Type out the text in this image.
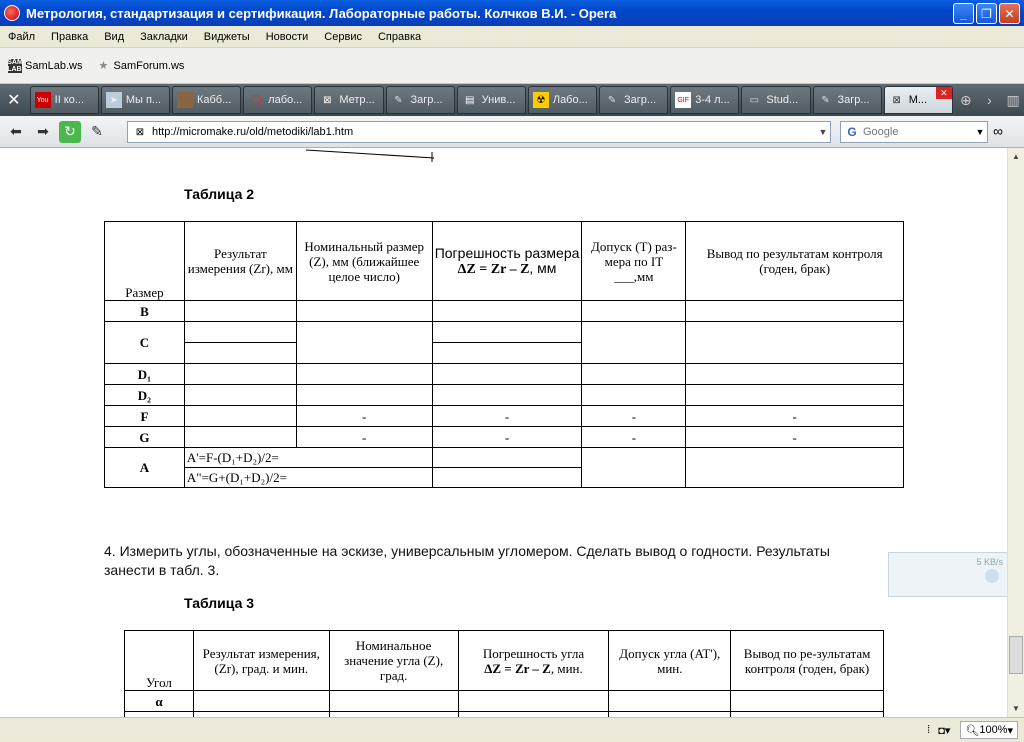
Метрология, стандартизация и сертификация. Лабораторные работы. Колчков В.И. - Opera	_	❐	✕
Файл	Правка	Вид	Закладки	Виджеты	Новости	Сервис	Справка
SAM
LAB SamLab.ws ★ SamForum.ws
✕	You II ко...	➤ Мы п...	Кабб... ◯ лабо...	⊠ Метр...	✎ Загр...	▤ Унив...	☢ Лабо...	✎ Загр...	GIF 3-4 л...	▭ Stud...	✎ Загр...	⊠ М...
✕ ⊕	›	▥
⬅	➡	↻	✎	⊠ http://micromake.ru/old/metodiki/lab1.htm	▼ G
Google	▼ ∞
Таблица 2
Размер	Результат измерения (Zr), мм	Номинальный размер (Z), мм (ближайшее целое число)	Погрешность размера
ΔZ = Zr – Z, мм	Допуск (T) раз-мера по IT ___,мм	Вывод по результатам контроля (годен, брак)
B					
C					

D₁					
D₂					
F		-	-	-	-
G		-	-	-	-
A	A'=F-(D₁+D₂)/2=				
	A"=G+(D₁+D₂)/2=				
4. Измерить углы, обозначенные на эскизе, универсальным угломером. Сделать вывод о годности. Результаты занести в табл. 3.
Таблица 3
Угол	Результат измерения, (Zr), град. и мин.	Номинальное значение угла (Z), град.	Погрешность угла
ΔZ = Zr – Z, мин.	Допуск угла (AT'), мин.	Вывод по ре-зультатам контроля (годен, брак)
α					

5 KB/s
▲
▼
⁞ ◘▾ 🔍︎ 100% ▾
